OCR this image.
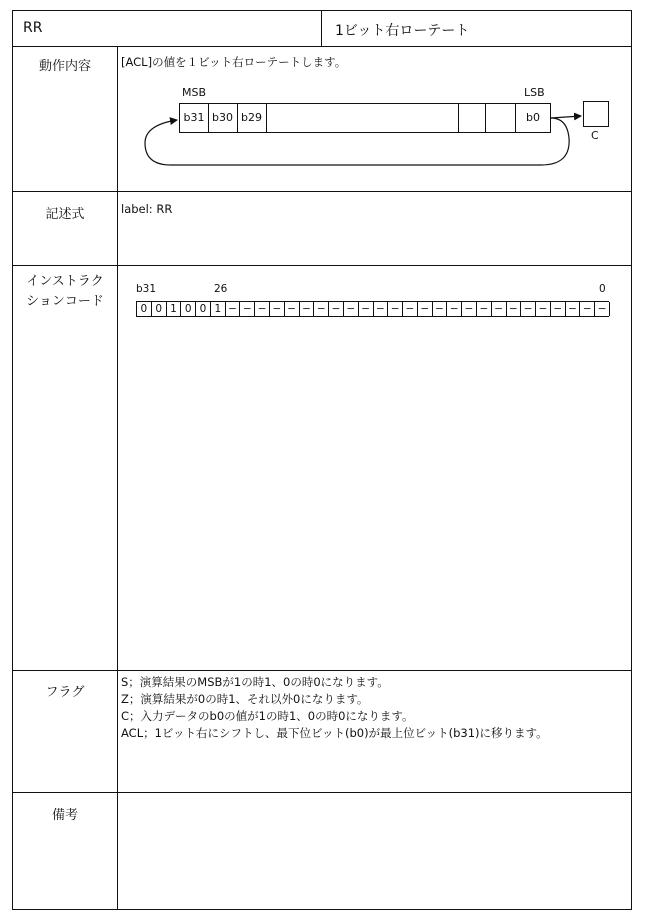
RR	1ビット右ローテート
動作内容	[ACL]の値を１ビット右ローテートします。
MSB	LSB
b31 b30 b29	b0
C
記述式	label: RR
インストラク
ションコード
b31	26	0
0 0 1 0 0 1 − − − − − − − − − − − − − − − − − − − − − − − − − −
フラグ
S；演算結果のMSBが1の時1、0の時0になります。
Z；演算結果が0の時1、それ以外0になります。
C；入力データのb0の値が1の時1、0の時0になります。
ACL；1ビット右にシフトし、最下位ビット(b0)が最上位ビット(b31)に移ります。
備考
